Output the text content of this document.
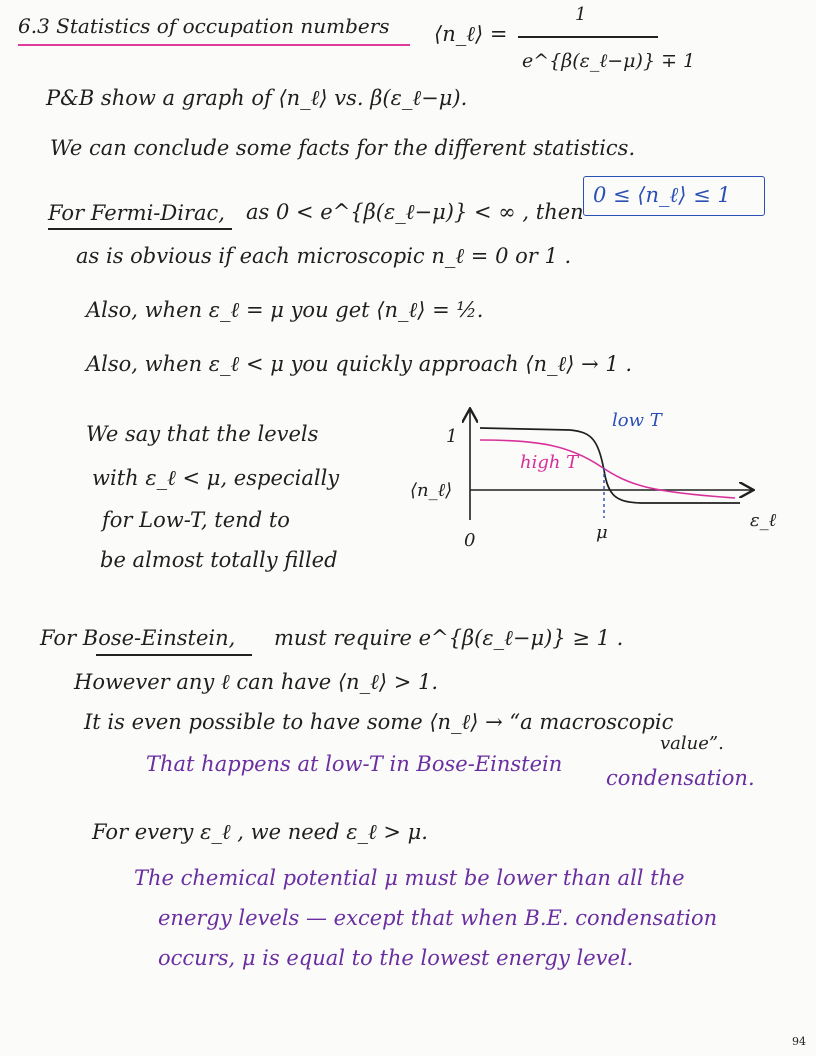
6.3 Statistics of occupation numbers ⟨n_ℓ⟩ =
1
e^{β(ε_ℓ−μ)} ∓ 1
P&B show a graph of ⟨n_ℓ⟩ vs. β(ε_ℓ−μ).
We can conclude some facts for the different statistics.
For Fermi-Dirac, as 0 < e^{β(ε_ℓ−μ)} < ∞ , then
0 ≤ ⟨n_ℓ⟩ ≤ 1
as is obvious if each microscopic n_ℓ = 0 or 1 .
Also, when ε_ℓ = μ you get ⟨n_ℓ⟩ = ½.
Also, when ε_ℓ < μ you quickly approach ⟨n_ℓ⟩ → 1 .
We say that the levels
with ε_ℓ < μ, especially
for Low-T, tend to
be almost totally filled
1
⟨n_ℓ⟩
0	μ
ε_ℓ
low T
high T
For Bose-Einstein, must require e^{β(ε_ℓ−μ)} ≥ 1 .
However any ℓ can have ⟨n_ℓ⟩ > 1.
It is even possible to have some ⟨n_ℓ⟩ → “a macroscopic
value”.
That happens at low-T in Bose-Einstein
condensation.
For every ε_ℓ , we need ε_ℓ > μ.
The chemical potential μ must be lower than all the
energy levels — except that when B.E. condensation
occurs, μ is equal to the lowest energy level.
94
